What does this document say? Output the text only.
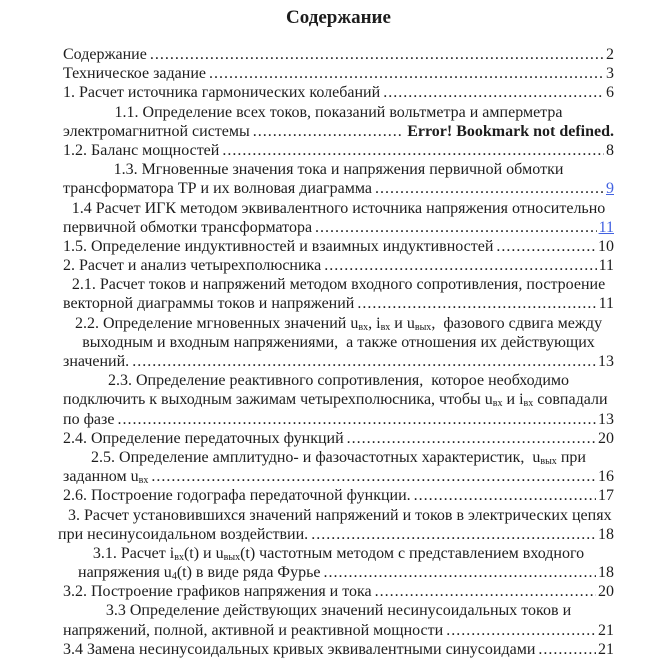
Содержание
Содержание .....	2
Техническое задание .....	3
1. Расчет источника гармонических колебаний .....	6
1.1. Определение всех токов, показаний вольтметра и амперметра
электромагнитной системы .....	Error! Bookmark not defined.
1.2. Баланс мощностей .....	8
1.3. Мгновенные значения тока и напряжения первичной обмотки
трансформатора ТР и их волновая диаграмма .....	9
1.4 Расчет ИГК методом эквивалентного источника напряжения относительно
первичной обмотки трансформатора .....	11
1.5. Определение индуктивностей и взаимных индуктивностей .....	10
2. Расчет и анализ четырехполюсника .....	11
2.1. Расчет токов и напряжений методом входного сопротивления, построение
векторной диаграммы токов и напряжений .....	11
2.2. Определение мгновенных значений uвх, iвх и uвых,  фазового сдвига между
выходным и входным напряжениями,  а также отношения их действующих
значений. .....	13
2.3. Определение реактивного сопротивления,  которое необходимо
подключить к выходным зажимам четырехполюсника, чтобы uвх и iвх совпадали
по фазе .....	13
2.4. Определение передаточных функций .....	20
2.5. Определение амплитудно- и фазочастотных характеристик,  uвых при
заданном uвх .....	16
2.6. Построение годографа передаточной функции. .....	17
3. Расчет установившихся значений напряжений и токов в электрических цепях
при несинусоидальном воздействии. .....	18
3.1. Расчет iвх(t) и uвых(t) частотным методом с представлением входного
напряжения u4(t) в виде ряда Фурье .....	18
3.2. Построение графиков напряжения и тока .....	20
3.3 Определение действующих значений несинусоидальных токов и
напряжений, полной, активной и реактивной мощности .....	21
3.4 Замена несинусоидальных кривых эквивалентными синусоидами .....	21
